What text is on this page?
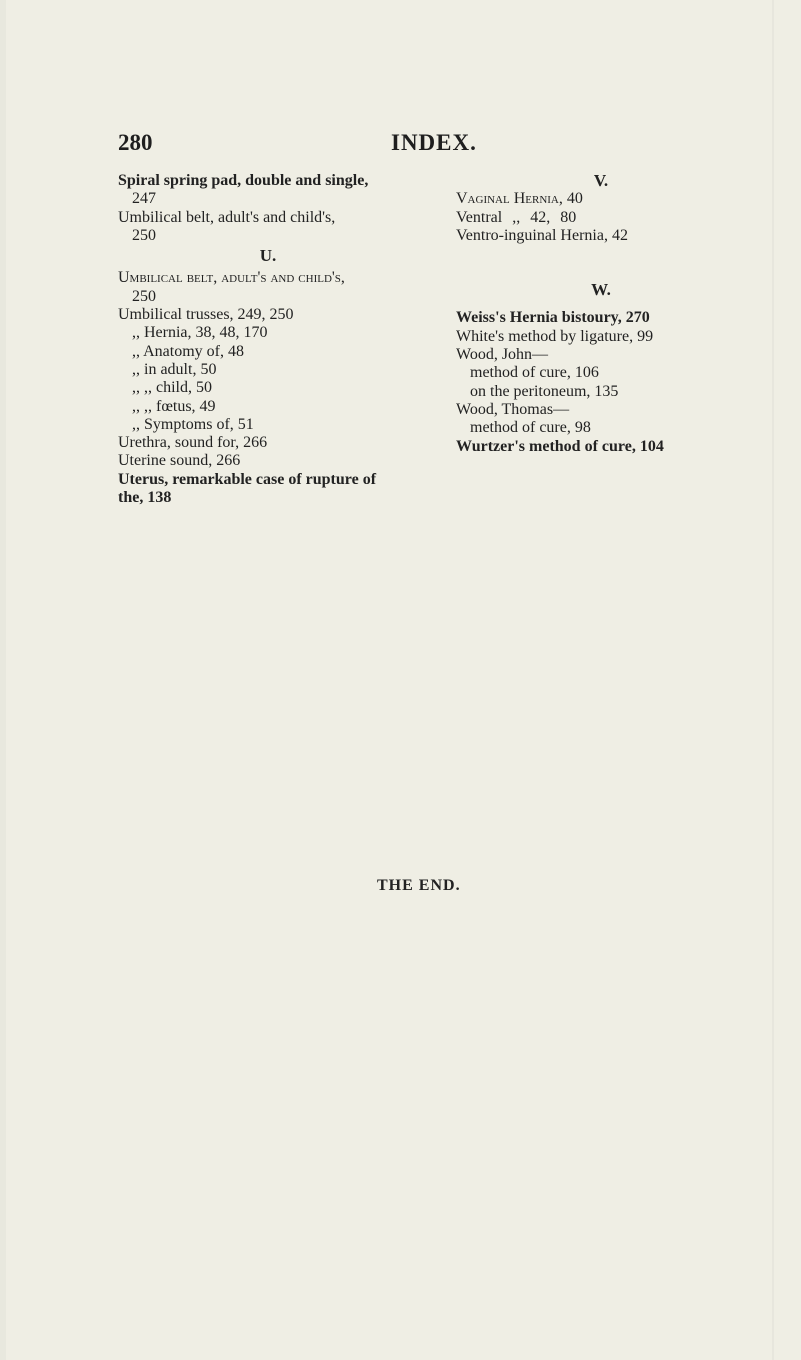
280	INDEX.
Spiral spring pad, double and single,
247
Umbilical belt, adult's and child's,
250
U.
Umbilical belt, adult's and child's,
250
Umbilical trusses, 249, 250
,, Hernia, 38, 48, 170
,, Anatomy of, 48
,, in adult, 50
,, ,, child, 50
,, ,, fœtus, 49
,, Symptoms of, 51
Urethra, sound for, 266
Uterine sound, 266
Uterus, remarkable case of rupture of
the, 138
V.
Vaginal Hernia, 40
Ventral ,, 42, 80
Ventro-inguinal Hernia, 42
W.
Weiss's Hernia bistoury, 270
White's method by ligature, 99
Wood, John—
method of cure, 106
on the peritoneum, 135
Wood, Thomas—
method of cure, 98
Wurtzer's method of cure, 104
THE END.
